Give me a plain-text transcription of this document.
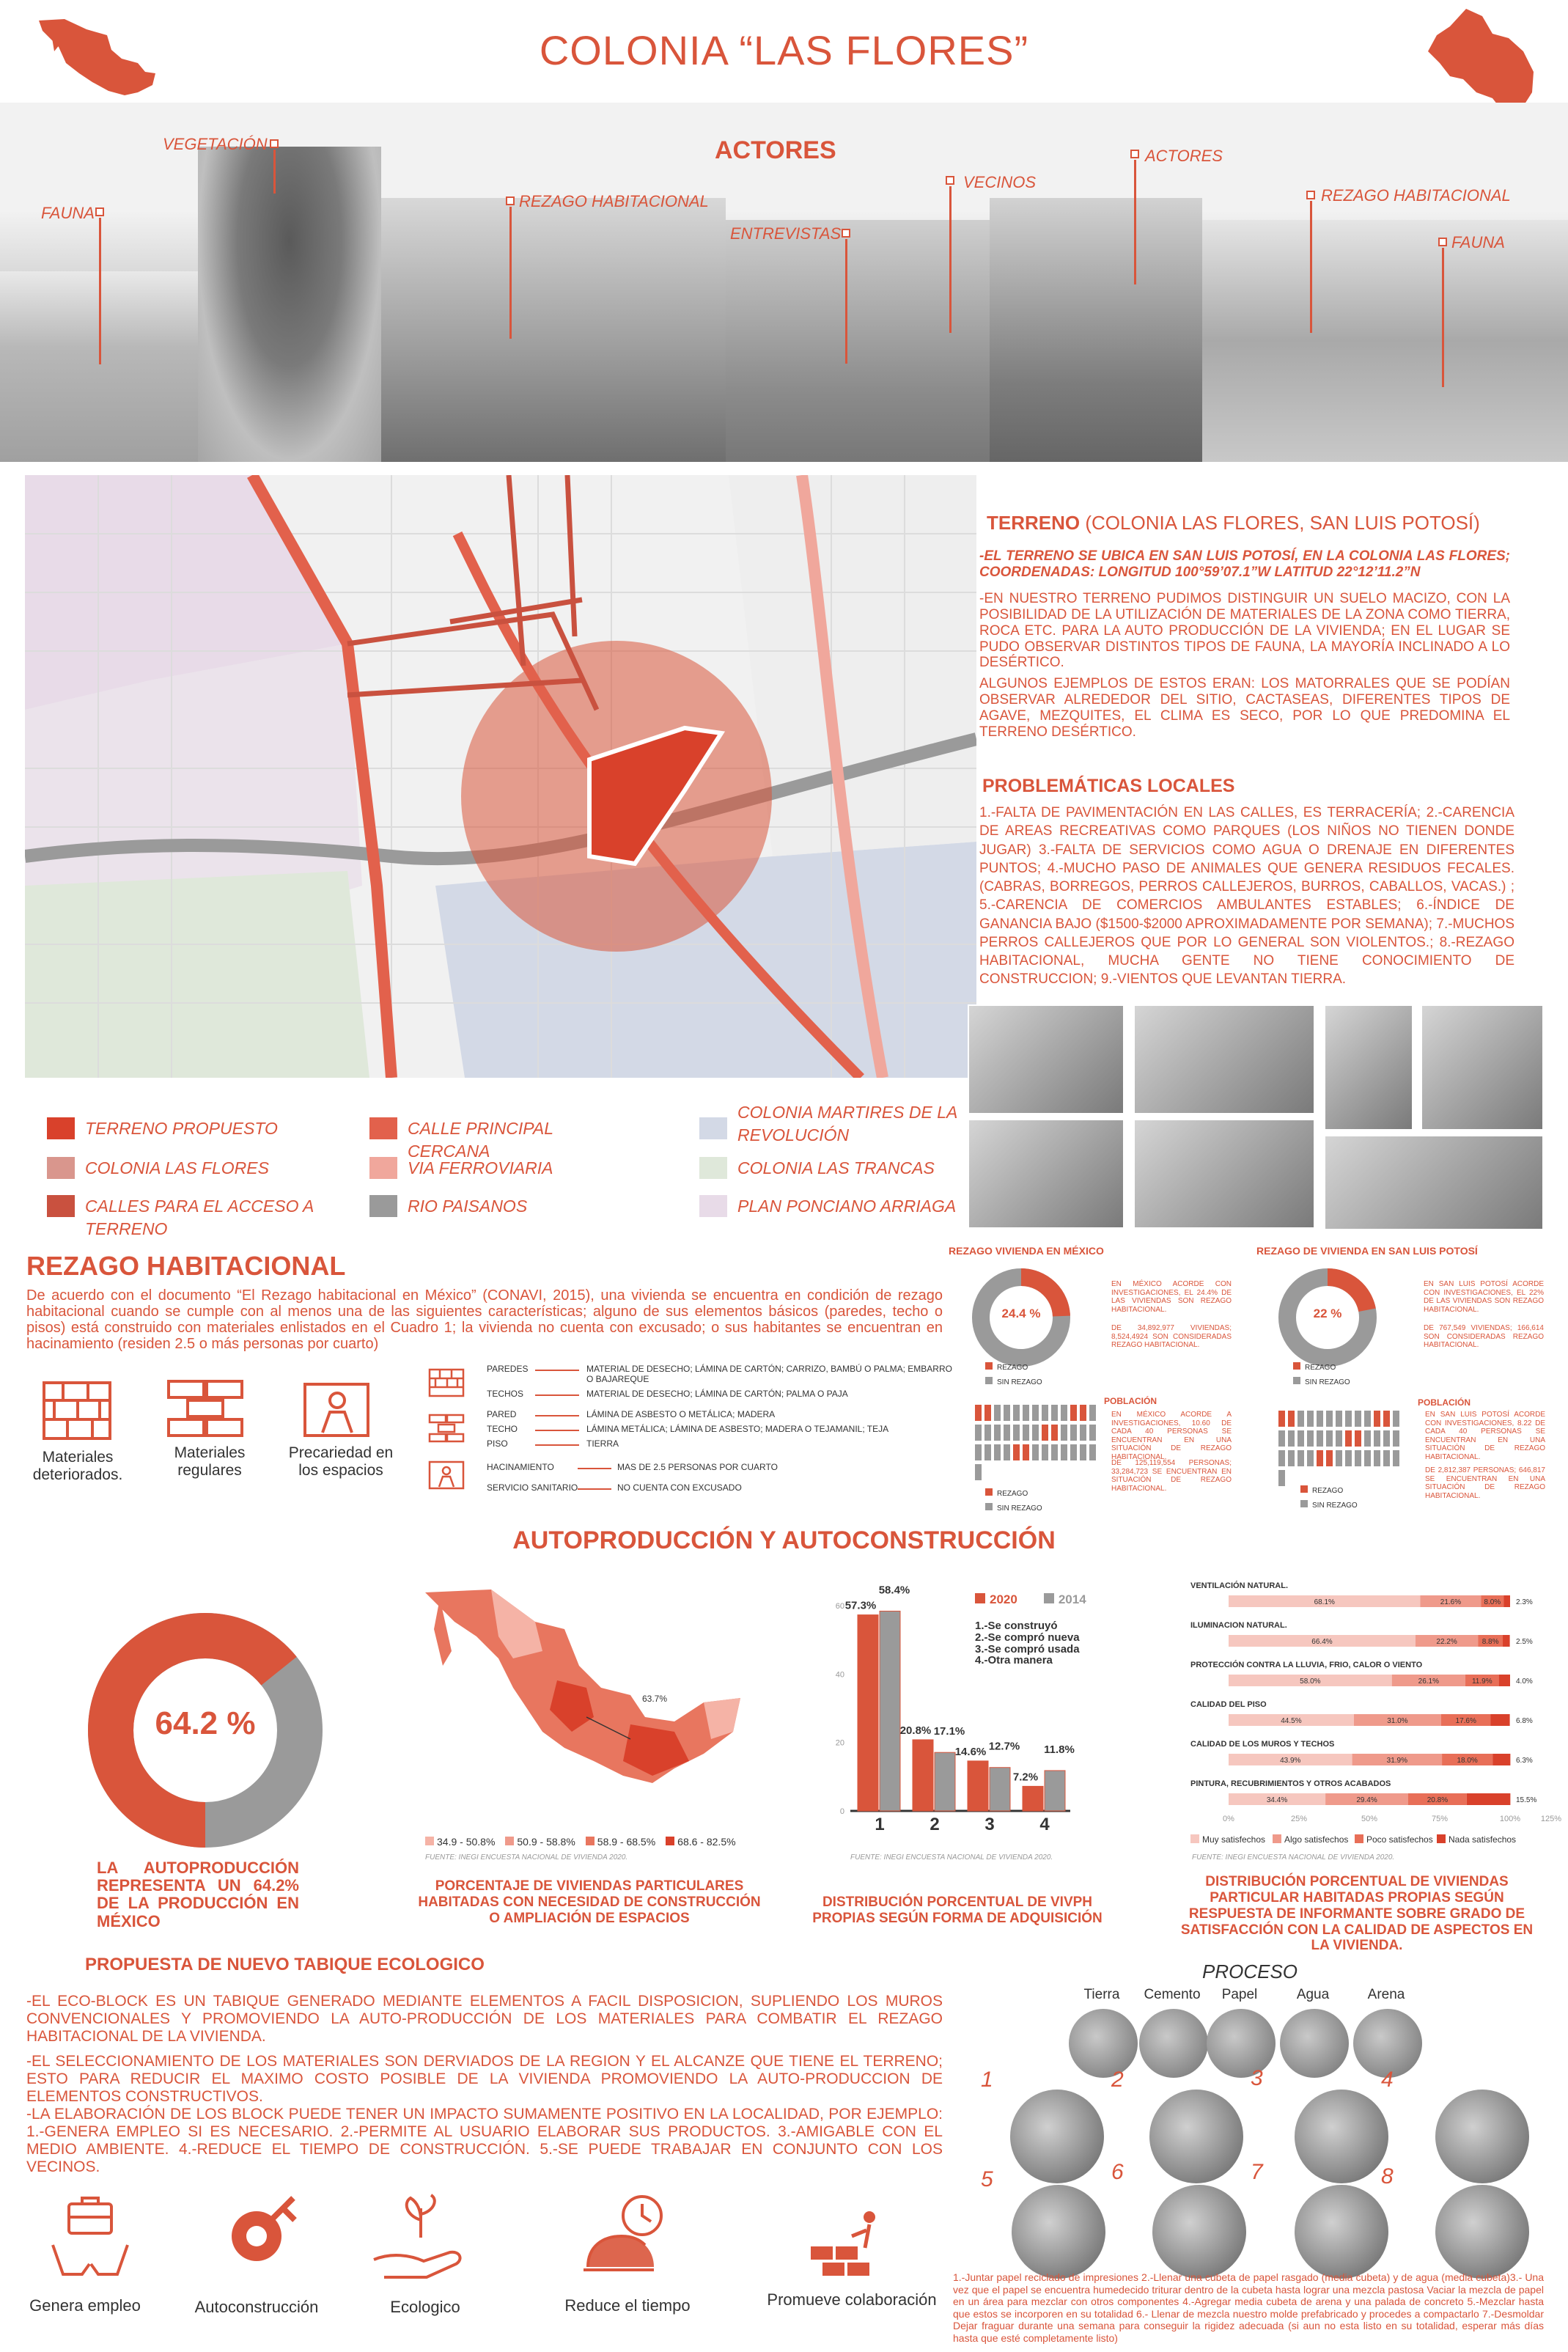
COLONIA “LAS FLORES”
ACTORES
VEGETACIÓN
FAUNA
REZAGO HABITACIONAL
ENTREVISTAS
VECINOS
ACTORES
REZAGO HABITACIONAL
FAUNA
TERRENO (COLONIA LAS FLORES, SAN LUIS POTOSÍ)
-EL TERRENO SE UBICA EN SAN LUIS POTOSÍ, EN LA COLONIA LAS FLORES; COORDENADAS: LONGITUD 100°59’07.1”W LATITUD 22°12’11.2”N
-EN NUESTRO TERRENO PUDIMOS DISTINGUIR UN SUELO MACIZO, CON LA POSIBILIDAD DE LA UTILIZACIÓN DE MATERIALES DE LA ZONA COMO TIERRA, ROCA ETC. PARA LA AUTO PRODUCCIÓN DE LA VIVIENDA; EN EL LUGAR SE PUDO OBSERVAR DISTINTOS TIPOS DE FAUNA, LA MAYORÍA INCLINADO A LO DESÉRTICO.
ALGUNOS EJEMPLOS DE ESTOS ERAN: LOS MATORRALES QUE SE PODÍAN OBSERVAR ALREDEDOR DEL SITIO, CACTASEAS, DIFERENTES TIPOS DE AGAVE, MEZQUITES, EL CLIMA ES SECO, POR LO QUE PREDOMINA EL TERRENO DESÉRTICO.
PROBLEMÁTICAS LOCALES
1.-FALTA DE PAVIMENTACIÓN EN LAS CALLES, ES TERRACERÍA; 2.-CARENCIA DE AREAS RECREATIVAS COMO PARQUES (LOS NIÑOS NO TIENEN DONDE JUGAR) 3.-FALTA DE SERVICIOS COMO AGUA O DRENAJE EN DIFERENTES PUNTOS; 4.-MUCHO PASO DE ANIMALES QUE GENERA RESIDUOS FECALES. (CABRAS, BORREGOS, PERROS CALLEJEROS, BURROS, CABALLOS, VACAS.) ; 5.-CARENCIA DE COMERCIOS AMBULANTES ESTABLES; 6.-ÍNDICE DE GANANCIA BAJO ($1500-$2000 APROXIMADAMENTE POR SEMANA); 7.-MUCHOS PERROS CALLEJEROS QUE POR LO GENERAL SON VIOLENTOS.; 8.-REZAGO HABITACIONAL, MUCHA GENTE NO TIENE CONOCIMIENTO DE CONSTRUCCION; 9.-VIENTOS QUE LEVANTAN TIERRA.
TERRENO PROPUESTO
COLONIA LAS FLORES
CALLES PARA EL ACCESO A TERRENO
CALLE PRINCIPAL CERCANA
VIA FERROVIARIA
RIO PAISANOS
COLONIA MARTIRES DE LA REVOLUCIÓN
COLONIA LAS TRANCAS
PLAN PONCIANO ARRIAGA
REZAGO HABITACIONAL
De acuerdo con el documento “El Rezago habitacional en México” (CONAVI, 2015), una vivienda se encuentra en condición de rezago habitacional cuando se cumple con al menos una de las siguientes características; alguno de sus elementos básicos (paredes, techo o pisos) está construido con materiales enlistados en el Cuadro 1; la vivienda no cuenta con excusado; o sus habitantes se encuentran en hacinamiento (residen 2.5 o más personas por cuarto)
Materiales deteriorados.
Materiales regulares
Precariedad en los espacios
PAREDES	MATERIAL DE DESECHO; LÁMINA DE CARTÓN; CARRIZO, BAMBÚ O PALMA; EMBARRO O BAJAREQUE
TECHOS	MATERIAL DE DESECHO; LÁMINA DE CARTÓN; PALMA O PAJA
PARED	LÁMINA DE ASBESTO O METÁLICA; MADERA
TECHO	LÁMINA METÁLICA; LÁMINA DE ASBESTO; MADERA O TEJAMANIL; TEJA
PISO	TIERRA
HACINAMIENTO	MAS DE 2.5 PERSONAS POR CUARTO
SERVICIO SANITARIO	NO CUENTA CON EXCUSADO
REZAGO VIVIENDA EN MÉXICO
24.4 %
EN MÉXICO ACORDE CON INVESTIGACIONES, EL 24.4% DE LAS VIVIENDAS SON REZAGO HABITACIONAL.
DE 34,892,977 VIVIENDAS; 8,524,4924 SON CONSIDERADAS REZAGO HABITACIONAL.
REZAGO
SIN REZAGO
REZAGO
SIN REZAGO
POBLACIÓN
EN MÉXICO ACORDE A INVESTIGACIONES, 10.60 DE CADA 40 PERSONAS SE ENCUENTRAN EN UNA SITUACIÓN DE REZAGO HABITACIONAL.
DE 125,119,554 PERSONAS; 33,284,723 SE ENCUENTRAN EN SITUACIÓN DE REZAGO HABITACIONAL.
REZAGO DE VIVIENDA EN SAN LUIS POTOSÍ
22 %
EN SAN LUIS POTOSÍ ACORDE CON INVESTIGACIONES, EL 22% DE LAS VIVIENDAS SON REZAGO HABITACIONAL.
DE 767,549 VIVIENDAS; 166,614 SON CONSIDERADAS REZAGO HABITACIONAL.
REZAGO
SIN REZAGO
REZAGO
SIN REZAGO
POBLACIÓN
EN SAN LUIS POTOSÍ ACORDE CON INVESTIGACIONES, 8.22 DE CADA 40 PERSONAS SE ENCUENTRAN EN UNA SITUACIÓN DE REZAGO HABITACIONAL.
DE 2,812,387 PERSONAS; 646,817 SE ENCUENTRAN EN UNA SITUACIÓN DE REZAGO HABITACIONAL.
AUTOPRODUCCIÓN Y AUTOCONSTRUCCIÓN
64.2 %
LA AUTOPRODUCCIÓN REPRESENTA UN 64.2% DE LA PRODUCCIÓN EN MÉXICO
63.7%
34.9 - 50.8% 50.9 - 58.8% 58.9 - 68.5% 68.6 - 82.5%
FUENTE: INEGI ENCUESTA NACIONAL DE VIVIENDA 2020.
PORCENTAJE DE VIVIENDAS PARTICULARES HABITADAS CON NECESIDAD DE CONSTRUCCIÓN O AMPLIACIÓN DE ESPACIOS
0
20
40
60 57.3%
58.4%
1
20.8% 17.1%
2
14.6% 12.7%
3
7.2%
11.8%
4
2020	2014
1.-Se construyó
2.-Se compró nueva
3.-Se compró usada
4.-Otra manera
FUENTE: INEGI ENCUESTA NACIONAL DE VIVIENDA 2020.
DISTRIBUCIÓN PORCENTUAL DE VIVPH PROPIAS SEGÚN FORMA DE ADQUISICIÓN
VENTILACIÓN NATURAL.
68.1%	21.6%	8.0% 2.3%
ILUMINACION NATURAL.
66.4%	22.2%	8.8% 2.5%
PROTECCIÓN CONTRA LA LLUVIA, FRIO, CALOR O VIENTO
58.0%	26.1%	11.9%	4.0%
CALIDAD DEL PISO
44.5%	31.0%	17.6%	6.8%
CALIDAD DE LOS MUROS Y TECHOS
43.9%	31.9%	18.0%	6.3%
PINTURA, RECUBRIMIENTOS Y OTROS ACABADOS
34.4%	29.4%	20.8%	15.5%
0%	25%	50%	75%	100%	125%
Muy satisfechos Algo satisfechos Poco satisfechos Nada satisfechos
FUENTE: INEGI ENCUESTA NACIONAL DE VIVIENDA 2020.
DISTRIBUCIÓN PORCENTUAL DE VIVIENDAS PARTICULAR HABITADAS PROPIAS SEGÚN RESPUESTA DE INFORMANTE SOBRE GRADO DE SATISFACCIÓN CON LA CALIDAD DE ASPECTOS EN LA VIVIENDA.
PROPUESTA DE NUEVO TABIQUE ECOLOGICO
-EL ECO-BLOCK ES UN TABIQUE GENERADO MEDIANTE ELEMENTOS A FACIL DISPOSICION, SUPLIENDO LOS MUROS CONVENCIONALES Y PROMOVIENDO LA AUTO-PRODUCCIÓN DE LOS MATERIALES PARA COMBATIR EL REZAGO HABITACIONAL DE LA VIVIENDA.
-EL SELECCIONAMIENTO DE LOS MATERIALES SON DERVIADOS DE LA REGION Y EL ALCANZE QUE TIENE EL TERRENO; ESTO PARA REDUCIR EL MAXIMO COSTO POSIBLE DE LA VIVIENDA PROMOVIENDO LA AUTO-PRODUCCION DE ELEMENTOS CONSTRUCTIVOS.
-LA ELABORACIÓN DE LOS BLOCK PUEDE TENER UN IMPACTO SUMAMENTE POSITIVO EN LA LOCALIDAD, POR EJEMPLO: 1.-GENERA EMPLEO SI ES NECESARIO. 2.-PERMITE AL USUARIO ELABORAR SUS PRODUCTOS. 3.-AMIGABLE CON EL MEDIO AMBIENTE. 4.-REDUCE EL TIEMPO DE CONSTRUCCIÓN. 5.-SE PUEDE TRABAJAR EN CONJUNTO CON LOS VECINOS.
Genera empleo	Autoconstrucción	Ecologico	Reduce el tiempo	Promueve colaboración
PROCESO
Tierra	Cemento	Papel	Agua	Arena
1	2	3	4
5	6	7	8
1.-Juntar papel reciclado de impresiones 2.-Llenar una cubeta de papel rasgado (media cubeta) y de agua (media cubeta)3.- Una vez que el papel se encuentra humedecido triturar dentro de la cubeta hasta lograr una mezcla pastosa Vaciar la mezcla de papel en un área para mezclar con otros componentes 4.-Agregar media cubeta de arena y una palada de concreto 5.-Mezclar hasta que estos se incorporen en su totalidad 6.- Llenar de mezcla nuestro molde prefabricado y procedes a compactarlo 7.-Desmoldar Dejar fraguar durante una semana para conseguir la rigidez adecuada (si aun no esta listo en su totalidad, esperar más días hasta que esté completamente listo)
